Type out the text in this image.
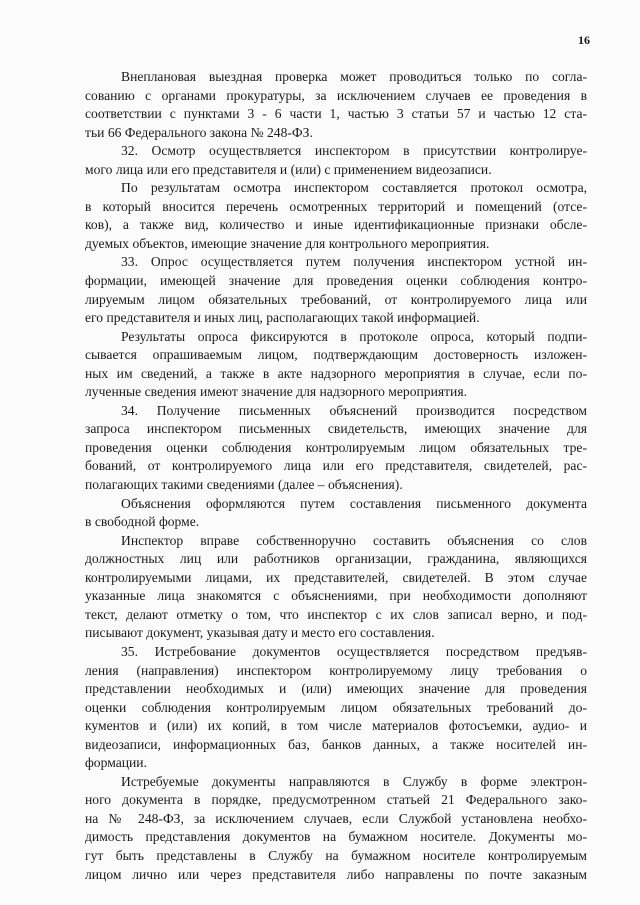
16
Внеплановая выездная проверка может проводиться только по согла-
сованию с органами прокуратуры, за исключением случаев ее проведения в
соответствии с пунктами 3 - 6 части 1, частью 3 статьи 57 и частью 12 ста-
тьи 66 Федерального закона № 248-ФЗ.
32. Осмотр осуществляется инспектором в присутствии контролируе-
мого лица или его представителя и (или) с применением видеозаписи.
По результатам осмотра инспектором составляется протокол осмотра,
в который вносится перечень осмотренных территорий и помещений (отсе-
ков), а также вид, количество и иные идентификационные признаки обсле-
дуемых объектов, имеющие значение для контрольного мероприятия.
33. Опрос осуществляется путем получения инспектором устной ин-
формации, имеющей значение для проведения оценки соблюдения контро-
лируемым лицом обязательных требований, от контролируемого лица или
его представителя и иных лиц, располагающих такой информацией.
Результаты опроса фиксируются в протоколе опроса, который подпи-
сывается опрашиваемым лицом, подтверждающим достоверность изложен-
ных им сведений, а также в акте надзорного мероприятия в случае, если по-
лученные сведения имеют значение для надзорного мероприятия.
34. Получение письменных объяснений производится посредством
запроса инспектором письменных свидетельств, имеющих значение для
проведения оценки соблюдения контролируемым лицом обязательных тре-
бований, от контролируемого лица или его представителя, свидетелей, рас-
полагающих такими сведениями (далее – объяснения).
Объяснения оформляются путем составления письменного документа
в свободной форме.
Инспектор вправе собственноручно составить объяснения со слов
должностных лиц или работников организации, гражданина, являющихся
контролируемыми лицами, их представителей, свидетелей. В этом случае
указанные лица знакомятся с объяснениями, при необходимости дополняют
текст, делают отметку о том, что инспектор с их слов записал верно, и под-
писывают документ, указывая дату и место его составления.
35. Истребование документов осуществляется посредством предъяв-
ления (направления) инспектором контролируемому лицу требования о
представлении необходимых и (или) имеющих значение для проведения
оценки соблюдения контролируемым лицом обязательных требований до-
кументов и (или) их копий, в том числе материалов фотосъемки, аудио- и
видеозаписи, информационных баз, банков данных, а также носителей ин-
формации.
Истребуемые документы направляются в Службу в форме электрон-
ного документа в порядке, предусмотренном статьей 21 Федерального зако-
на № 248-ФЗ, за исключением случаев, если Службой установлена необхо-
димость представления документов на бумажном носителе. Документы мо-
гут быть представлены в Службу на бумажном носителе контролируемым
лицом лично или через представителя либо направлены по почте заказным
